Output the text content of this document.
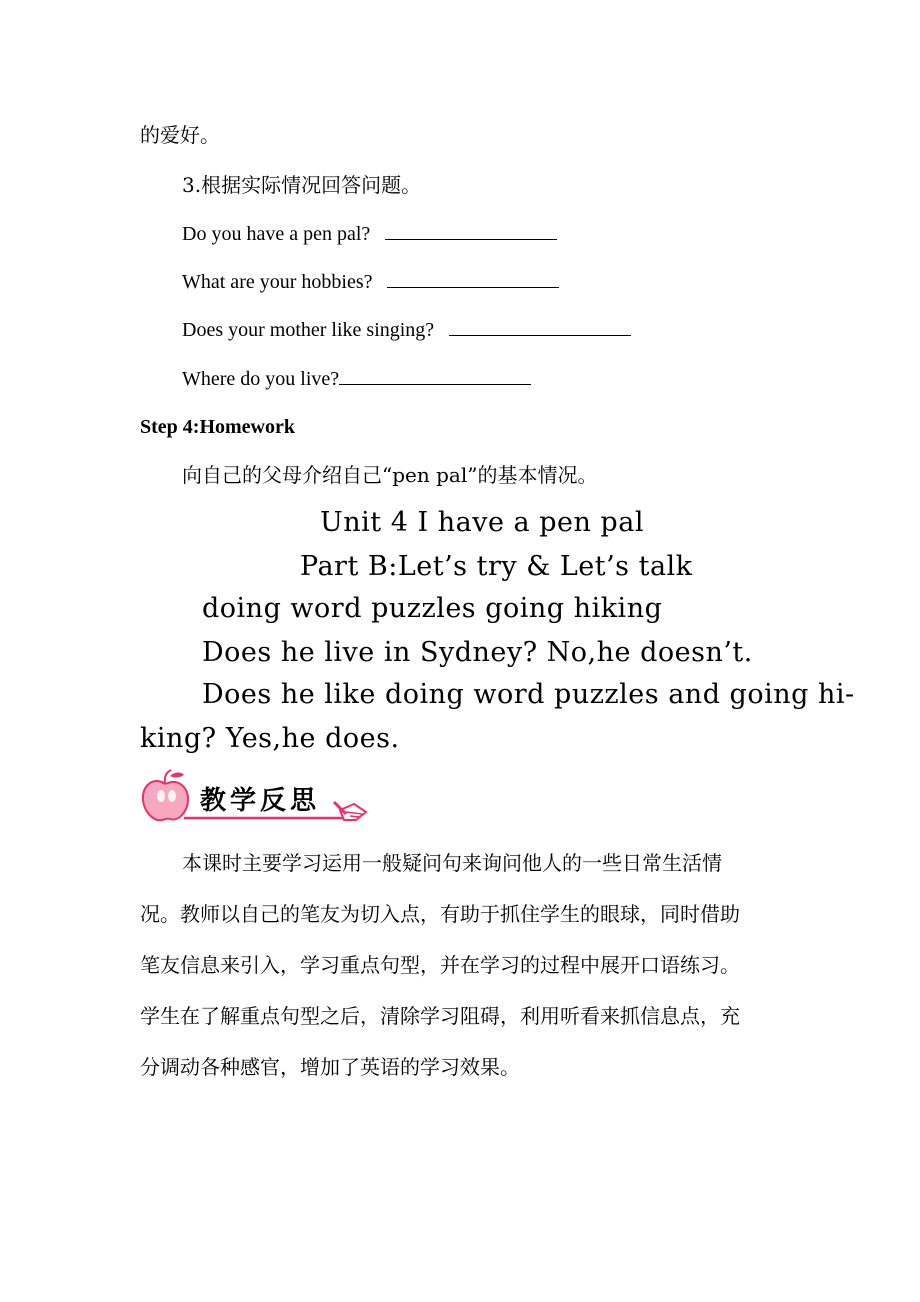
的爱好。
3.根据实际情况回答问题。
Do you have a pen pal?
What are your hobbies?
Does your mother like singing?
Where do you live?
Step 4:Homework
向自己的父母介绍自己“pen pal”的基本情况。
Unit 4 I have a pen pal
Part B:Let’s try & Let’s talk
doing word puzzles going hiking
Does he live in Sydney? No,he doesn’t.
Does he like doing word puzzles and going hi-
king? Yes,he does.
教学反思
本课时主要学习运用一般疑问句来询问他人的一些日常生活情
况。教师以自己的笔友为切入点，有助于抓住学生的眼球，同时借助
笔友信息来引入，学习重点句型，并在学习的过程中展开口语练习。
学生在了解重点句型之后，清除学习阻碍，利用听看来抓信息点，充
分调动各种感官，增加了英语的学习效果。
